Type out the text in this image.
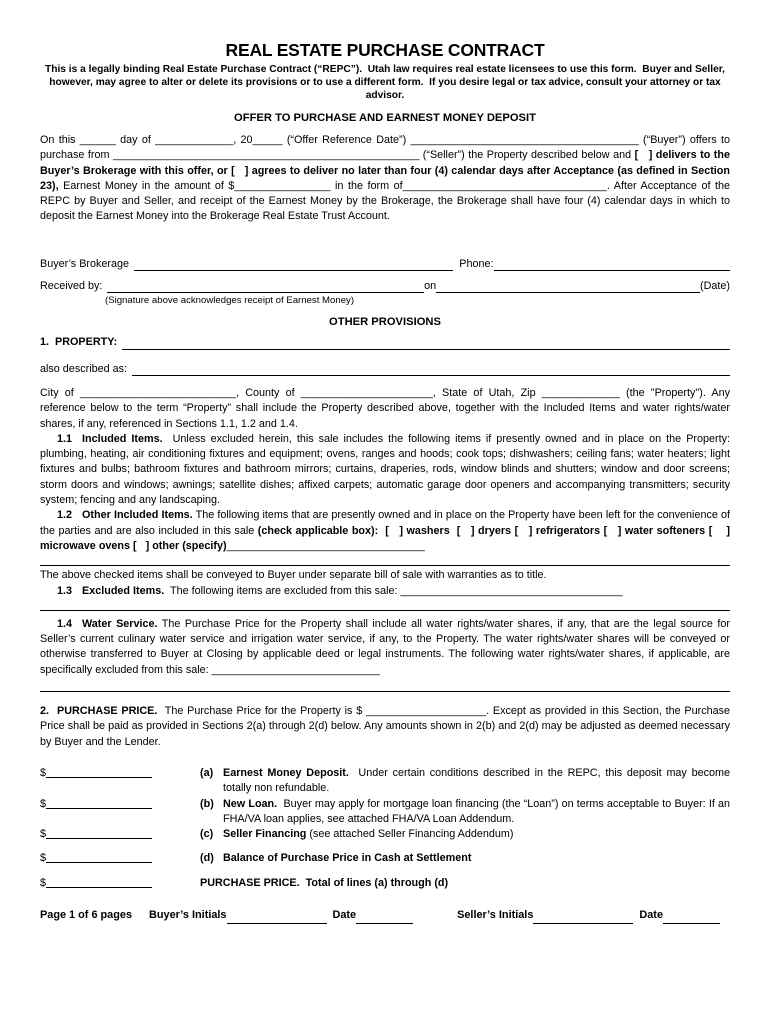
REAL ESTATE PURCHASE CONTRACT
This is a legally binding Real Estate Purchase Contract (“REPC”).  Utah law requires real estate licensees to use this form.  Buyer and Seller, however, may agree to alter or delete its provisions or to use a different form.  If you desire legal or tax advice, consult your attorney or tax advisor.
OFFER TO PURCHASE AND EARNEST MONEY DEPOSIT

On this ______ day of _____________, 20_____ (“Offer Reference Date”) ______________________________________ (“Buyer”) offers to purchase from ___________________________________________________ (“Seller”) the Property described below and [   ] delivers to the Buyer’s Brokerage with this offer, or [   ] agrees to deliver no later than four (4) calendar days after Acceptance (as defined in Section 23), Earnest Money in the amount of $________________ in the form of__________________________________. After Acceptance of the REPC by Buyer and Seller, and receipt of the Earnest Money by the Brokerage, the Brokerage shall have four (4) calendar days in which to deposit the Earnest Money into the Brokerage Real Estate Trust Account.

Buyer’s Brokerage	Phone:
Received by:	on	(Date)
(Signature above acknowledges receipt of Earnest Money)
OTHER PROVISIONS
1. PROPERTY:
also described as:

City of __________________________, County of ______________________, State of Utah, Zip _____________ (the "Property"). Any reference below to the term “Property” shall include the Property described above, together with the Included Items and water rights/water shares, if any, referenced in Sections 1.1, 1.2 and 1.4.

1.1 Included Items.  Unless excluded herein, this sale includes the following items if presently owned and in place on the Property: plumbing, heating, air conditioning fixtures and equipment; ovens, ranges and hoods; cook tops; dishwashers; ceiling fans; water heaters; light fixtures and bulbs; bathroom fixtures and bathroom mirrors; curtains, draperies, rods, window blinds and shutters; window and door screens; storm doors and windows; awnings; satellite dishes; affixed carpets; automatic garage door openers and accompanying transmitters; security system; fencing and any landscaping.

1.2 Other Included Items. The following items that are presently owned and in place on the Property have been left for the convenience of the parties and are also included in this sale (check applicable box):  [   ] washers  [   ] dryers [   ] refrigerators [   ] water softeners [    ] microwave ovens [   ] other (specify)_________________________________

The above checked items shall be conveyed to Buyer under separate bill of sale with warranties as to title.

1.3 Excluded Items.  The following items are excluded from this sale: _____________________________________

1.4 Water Service. The Purchase Price for the Property shall include all water rights/water shares, if any, that are the legal source for Seller’s current culinary water service and irrigation water service, if any, to the Property. The water rights/water shares will be conveyed or otherwise transferred to Buyer at Closing by applicable deed or legal instruments. The following water rights/water shares, if applicable, are specifically excluded from this sale: ____________________________

2. PURCHASE PRICE.  The Purchase Price for the Property is $ ____________________. Except as provided in this Section, the Purchase Price shall be paid as provided in Sections 2(a) through 2(d) below. Any amounts shown in 2(b) and 2(d) may be adjusted as deemed necessary by Buyer and the Lender.

$	(a) Earnest Money Deposit.  Under certain conditions described in the REPC, this deposit may become totally non refundable.
$	(b) New Loan.  Buyer may apply for mortgage loan financing (the “Loan”) on terms acceptable to Buyer: If an FHA/VA loan applies, see attached FHA/VA Loan Addendum.
$	(c) Seller Financing (see attached Seller Financing Addendum)
$	(d) Balance of Purchase Price in Cash at Settlement
$	PURCHASE PRICE.  Total of lines (a) through (d)
Page 1 of 6 pages Buyer’s Initials	Date	Seller’s Initials	Date
